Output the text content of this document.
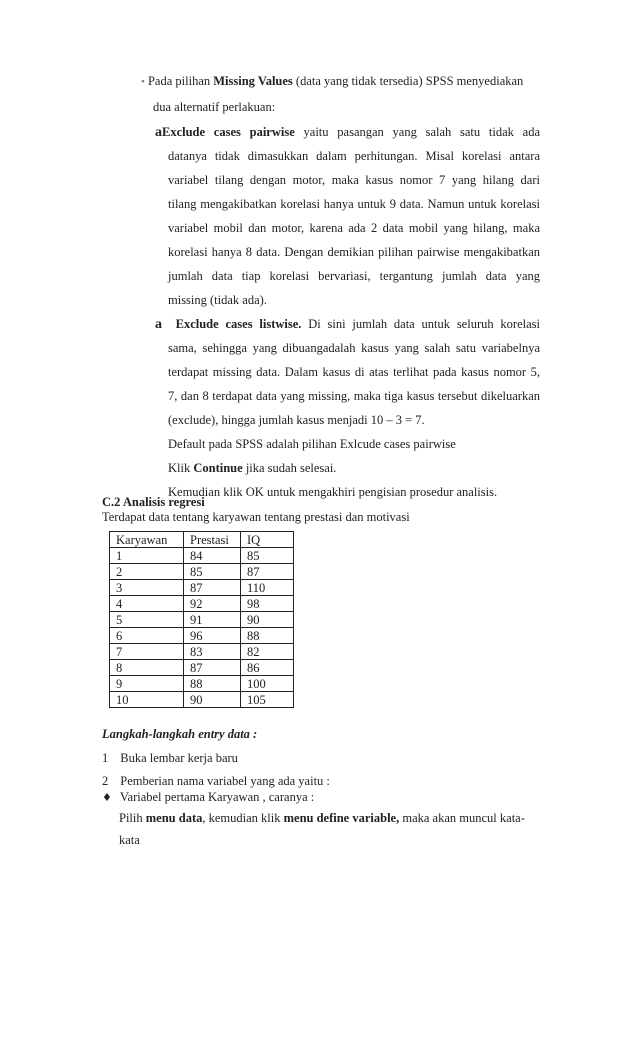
• Pada pilihan Missing Values (data yang tidak tersedia) SPSS menyediakan
dua alternatif perlakuan:
aExclude cases pairwise yaitu pasangan yang salah satu tidak ada
datanya tidak dimasukkan dalam perhitungan. Misal korelasi antara
variabel tilang dengan motor, maka kasus nomor 7 yang hilang dari
tilang mengakibatkan korelasi hanya untuk 9 data. Namun untuk korelasi
variabel mobil dan motor, karena ada 2 data mobil yang hilang, maka
korelasi hanya 8 data. Dengan demikian pilihan pairwise mengakibatkan
jumlah data tiap korelasi bervariasi, tergantung jumlah data yang
missing (tidak ada).
a Exclude cases listwise. Di sini jumlah data untuk seluruh korelasi
sama, sehingga yang dibuangadalah kasus yang salah satu variabelnya
terdapat missing data. Dalam kasus di atas terlihat pada kasus nomor 5,
7, dan 8 terdapat data yang missing, maka tiga kasus tersebut dikeluarkan
(exclude), hingga jumlah kasus menjadi 10 – 3 = 7.
Default pada SPSS adalah pilihan Exlcude cases pairwise
Klik Continue jika sudah selesai.
Kemudian klik OK untuk mengakhiri pengisian prosedur analisis.
C.2 Analisis regresi
Terdapat data tentang karyawan tentang prestasi dan motivasi
Karyawan	Prestasi	IQ
1	84	85
2	85	87
3	87	110
4	92	98
5	91	90
6	96	88
7	83	82
8	87	86
9	88	100
10	90	105
Langkah-langkah entry data :
1 Buka lembar kerja baru
2 Pemberian nama variabel yang ada yaitu :
♦ Variabel pertama Karyawan , caranya :
Pilih menu data, kemudian klik menu define variable, maka akan muncul kata-
kata
